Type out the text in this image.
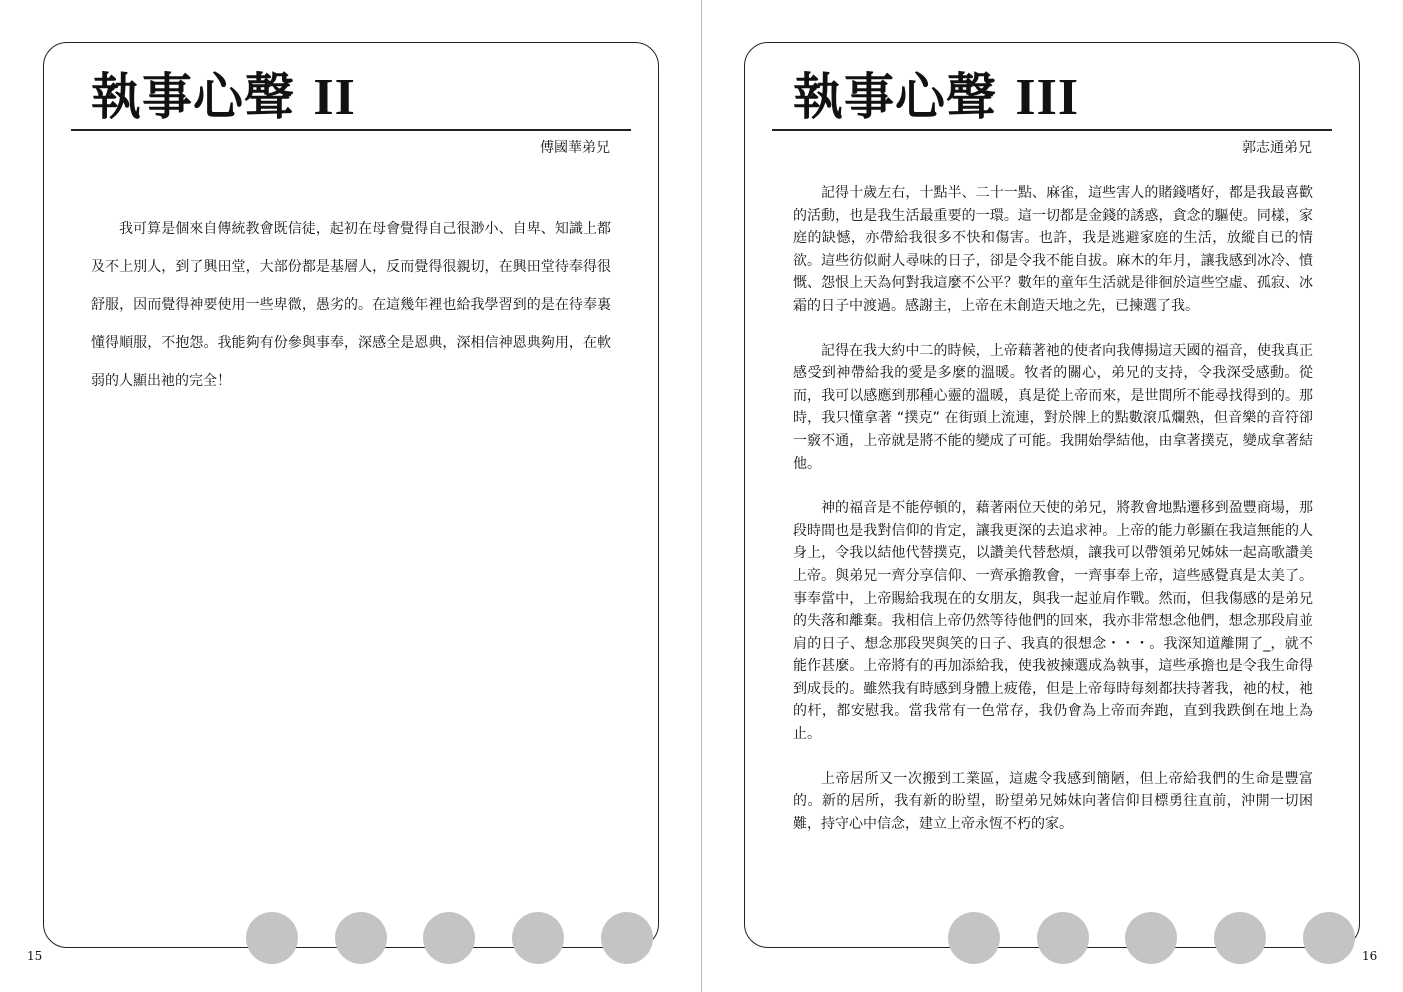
執事心聲 II
傅國華弟兄

我可算是個來自傳統教會既信徒，起初在母會覺得自己很渺小、自卑、知識上都及不上別人，到了興田堂，大部份都是基層人，反而覺得很親切，在興田堂待奉得很舒服，因而覺得神要使用一些卑微，愚劣的。在這幾年裡也給我學習到的是在待奉裏懂得順服，不抱怨。我能夠有份參與事奉，深感全是恩典，深相信神恩典夠用，在軟弱的人顯出祂的完全！

15
執事心聲 III
郭志通弟兄

記得十歲左右，十點半、二十一點、麻雀，這些害人的賭錢嗜好，都是我最喜歡的活動，也是我生活最重要的一環。這一切都是金錢的誘惑，貪念的驅使。同樣，家庭的缺憾，亦帶給我很多不快和傷害。也許，我是逃避家庭的生活，放縱自已的情欲。這些彷似耐人尋味的日子，卻是令我不能自拔。麻木的年月，讓我感到冰冷、憤慨、怨恨上天為何對我這麼不公平？數年的童年生活就是徘徊於這些空虛、孤寂、冰霜的日子中渡過。感謝主，上帝在未創造天地之先，已揀選了我。

記得在我大約中二的時候，上帝藉著祂的使者向我傳揚這天國的福音，使我真正感受到神帶給我的愛是多麼的溫暖。牧者的關心，弟兄的支持，令我深受感動。從而，我可以感應到那種心靈的溫暖，真是從上帝而來，是世間所不能尋找得到的。那時，我只懂拿著 “撲克” 在街頭上流連，對於牌上的點數滾瓜爛熟，但音樂的音符卻一竅不通，上帝就是將不能的變成了可能。我開始學結他，由拿著撲克，變成拿著結他。

神的福音是不能停頓的，藉著兩位天使的弟兄，將教會地點遷移到盈豐商場，那段時間也是我對信仰的肯定，讓我更深的去追求神。上帝的能力彰顯在我這無能的人身上，令我以結他代替撲克，以讚美代替愁煩，讓我可以帶領弟兄姊妹一起高歌讚美上帝。與弟兄一齊分享信仰、一齊承擔教會，一齊事奉上帝，這些感覺真是太美了。事奉當中，上帝賜給我現在的女朋友，與我一起並肩作戰。然而，但我傷感的是弟兄的失落和離棄。我相信上帝仍然等待他們的回來，我亦非常想念他們，想念那段肩並肩的日子、想念那段哭與笑的日子、我真的很想念・・・。我深知道離開了_，就不能作甚麼。上帝將有的再加添給我，使我被揀選成為執事，這些承擔也是令我生命得到成長的。雖然我有時感到身體上疲倦，但是上帝每時每刻都扶持著我，祂的杖，祂的杆，都安慰我。當我常有一色常存，我仍會為上帝而奔跑，直到我跌倒在地上為止。

上帝居所又一次搬到工業區，這處令我感到簡陋，但上帝給我們的生命是豐富的。新的居所，我有新的盼望，盼望弟兄姊妹向著信仰目標勇往直前，沖開一切困難，持守心中信念，建立上帝永恆不朽的家。

16
